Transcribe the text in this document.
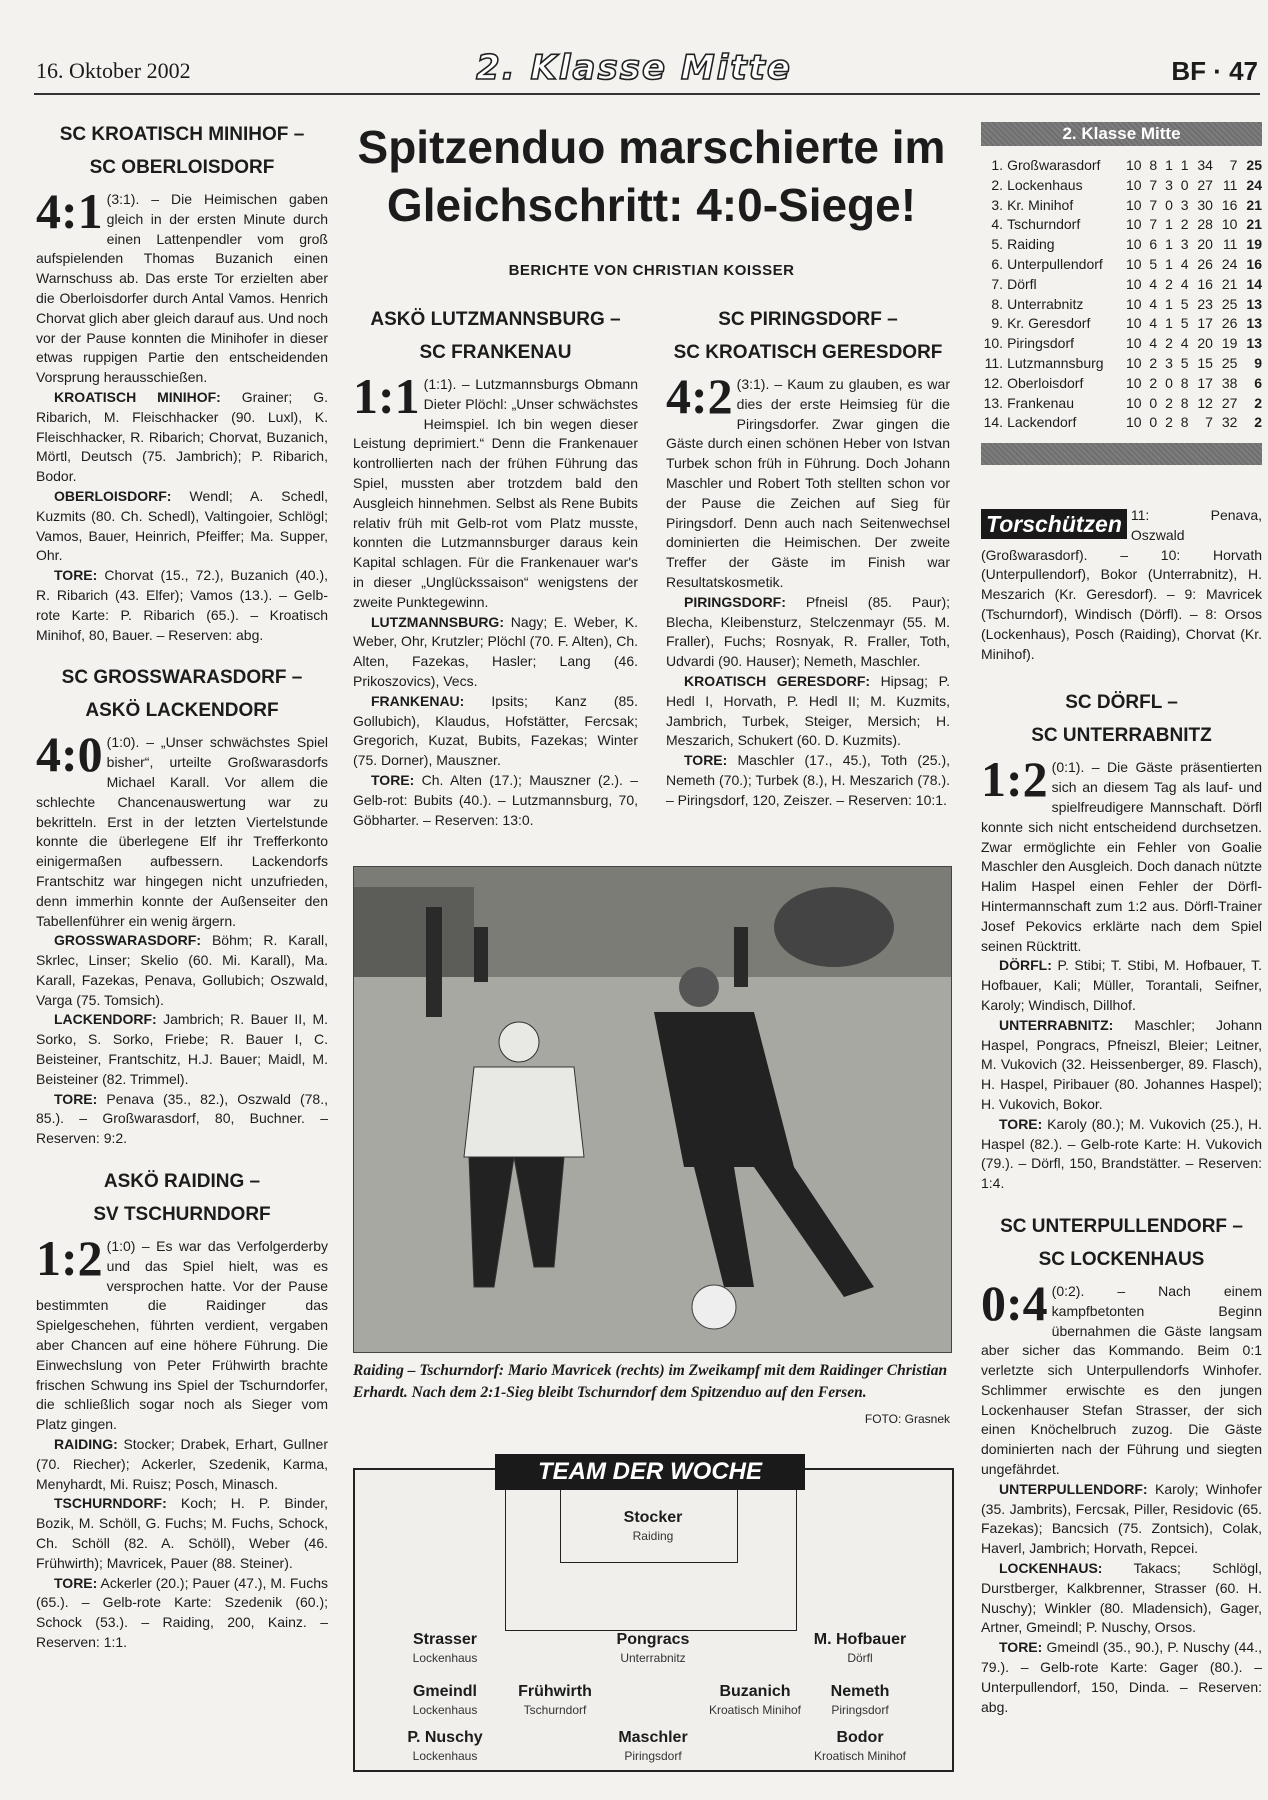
16. Oktober 2002	2. Klasse Mitte	BF · 47
Spitzenduo marschierte im
Gleichschritt: 4:0-Siege!
BERICHTE VON CHRISTIAN KOISSER
SC KROATISCH MINIHOF –
SC OBERLOISDORF

4:1 (3:1). – Die Heimischen gaben gleich in der ersten Minute durch einen Lattenpendler vom groß aufspielenden Thomas Buzanich einen Warnschuss ab. Das erste Tor erzielten aber die Oberloisdorfer durch Antal Vamos. Henrich Chorvat glich aber gleich darauf aus. Und noch vor der Pause konnten die Minihofer in dieser etwas ruppigen Partie den entscheidenden Vorsprung herausschießen.

KROATISCH MINIHOF: Grainer; G. Ribarich, M. Fleischhacker (90. Luxl), K. Fleischhacker, R. Ribarich; Chorvat, Buzanich, Mörtl, Deutsch (75. Jambrich); P. Ribarich, Bodor.

OBERLOISDORF: Wendl; A. Schedl, Kuzmits (80. Ch. Schedl), Valtingoier, Schlögl; Vamos, Bauer, Heinrich, Pfeiffer; Ma. Supper, Ohr.

TORE: Chorvat (15., 72.), Buzanich (40.), R. Ribarich (43. Elfer); Vamos (13.). – Gelb-rote Karte: P. Ribarich (65.). – Kroatisch Minihof, 80, Bauer. – Reserven: abg.

SC GROSSWARASDORF –
ASKÖ LACKENDORF

4:0 (1:0). – „Unser schwächstes Spiel bisher“, urteilte Großwarasdorfs Michael Karall. Vor allem die schlechte Chancenauswertung war zu bekritteln. Erst in der letzten Viertelstunde konnte die überlegene Elf ihr Trefferkonto einigermaßen aufbessern. Lackendorfs Frantschitz war hingegen nicht unzufrieden, denn immerhin konnte der Außenseiter den Tabellenführer ein wenig ärgern.

GROSSWARASDORF: Böhm; R. Karall, Skrlec, Linser; Skelio (60. Mi. Karall), Ma. Karall, Fazekas, Penava, Gollubich; Oszwald, Varga (75. Tomsich).

LACKENDORF: Jambrich; R. Bauer II, M. Sorko, S. Sorko, Friebe; R. Bauer I, C. Beisteiner, Frantschitz, H.J. Bauer; Maidl, M. Beisteiner (82. Trimmel).

TORE: Penava (35., 82.), Oszwald (78., 85.). – Großwarasdorf, 80, Buchner. – Reserven: 9:2.

ASKÖ RAIDING –
SV TSCHURNDORF

1:2 (1:0) – Es war das Verfolgerderby und das Spiel hielt, was es versprochen hatte. Vor der Pause bestimmten die Raidinger das Spielgeschehen, führten verdient, vergaben aber Chancen auf eine höhere Führung. Die Einwechslung von Peter Frühwirth brachte frischen Schwung ins Spiel der Tschurndorfer, die schließlich sogar noch als Sieger vom Platz gingen.

RAIDING: Stocker; Drabek, Erhart, Gullner (70. Riecher); Ackerler, Szedenik, Karma, Menyhardt, Mi. Ruisz; Posch, Minasch.

TSCHURNDORF: Koch; H. P. Binder, Bozik, M. Schöll, G. Fuchs; M. Fuchs, Schock, Ch. Schöll (82. A. Schöll), Weber (46. Frühwirth); Mavricek, Pauer (88. Steiner).

TORE: Ackerler (20.); Pauer (47.), M. Fuchs (65.). – Gelb-rote Karte: Szedenik (60.); Schock (53.). – Raiding, 200, Kainz. – Reserven: 1:1.

ASKÖ LUTZMANNSBURG –
SC FRANKENAU

1:1 (1:1). – Lutzmannsburgs Obmann Dieter Plöchl: „Unser schwächstes Heimspiel. Ich bin wegen dieser Leistung deprimiert.“ Denn die Frankenauer kontrollierten nach der frühen Führung das Spiel, mussten aber trotzdem bald den Ausgleich hinnehmen. Selbst als Rene Bubits relativ früh mit Gelb-rot vom Platz musste, konnten die Lutzmannsburger daraus kein Kapital schlagen. Für die Frankenauer war's in dieser „Unglückssaison“ wenigstens der zweite Punktegewinn.

LUTZMANNSBURG: Nagy; E. Weber, K. Weber, Ohr, Krutzler; Plöchl (70. F. Alten), Ch. Alten, Fazekas, Hasler; Lang (46. Prikoszovics), Vecs.

FRANKENAU: Ipsits; Kanz (85. Gollubich), Klaudus, Hofstätter, Fercsak; Gregorich, Kuzat, Bubits, Fazekas; Winter (75. Dorner), Mauszner.

TORE: Ch. Alten (17.); Mauszner (2.). – Gelb-rot: Bubits (40.). – Lutzmannsburg, 70, Göbharter. – Reserven: 13:0.

SC PIRINGSDORF –
SC KROATISCH GERESDORF

4:2 (3:1). – Kaum zu glauben, es war dies der erste Heimsieg für die Piringsdorfer. Zwar gingen die Gäste durch einen schönen Heber von Istvan Turbek schon früh in Führung. Doch Johann Maschler und Robert Toth stellten schon vor der Pause die Zeichen auf Sieg für Piringsdorf. Denn auch nach Seitenwechsel dominierten die Heimischen. Der zweite Treffer der Gäste im Finish war Resultatskosmetik.

PIRINGSDORF: Pfneisl (85. Paur); Blecha, Kleibensturz, Stelczenmayr (55. M. Fraller), Fuchs; Rosnyak, R. Fraller, Toth, Udvardi (90. Hauser); Nemeth, Maschler.

KROATISCH GERESDORF: Hipsag; P. Hedl I, Horvath, P. Hedl II; M. Kuzmits, Jambrich, Turbek, Steiger, Mersich; H. Meszarich, Schukert (60. D. Kuzmits).

TORE: Maschler (17., 45.), Toth (25.), Nemeth (70.); Turbek (8.), H. Meszarich (78.). – Piringsdorf, 120, Zeiszer. – Reserven: 10:1.

Raiding – Tschurndorf: Mario Mavricek (rechts) im Zweikampf mit dem Raidinger Christian Erhardt. Nach dem 2:1-Sieg bleibt Tschurndorf dem Spitzenduo auf den Fersen.
FOTO: Grasnek
TEAM DER WOCHE
Stocker
Raiding
Strasser
Lockenhaus
Pongracs
Unterrabnitz
M. Hofbauer
Dörfl
Gmeindl
Lockenhaus
Frühwirth
Tschurndorf
Buzanich
Kroatisch Minihof
Nemeth
Piringsdorf
P. Nuschy
Lockenhaus
Maschler
Piringsdorf
Bodor
Kroatisch Minihof
2. Klasse Mitte
1.	Großwarasdorf	10	8	1	1	34	7	25
2.	Lockenhaus	10	7	3	0	27	11	24
3.	Kr. Minihof	10	7	0	3	30	16	21
4.	Tschurndorf	10	7	1	2	28	10	21
5.	Raiding	10	6	1	3	20	11	19
6.	Unterpullendorf	10	5	1	4	26	24	16
7.	Dörfl	10	4	2	4	16	21	14
8.	Unterrabnitz	10	4	1	5	23	25	13
9.	Kr. Geresdorf	10	4	1	5	17	26	13
10.	Piringsdorf	10	4	2	4	20	19	13
11.	Lutzmannsburg	10	2	3	5	15	25	9
12.	Oberloisdorf	10	2	0	8	17	38	6
13.	Frankenau	10	0	2	8	12	27	2
14.	Lackendorf	10	0	2	8	7	32	2
Torschützen 11: Penava, Oszwald (Großwarasdorf). – 10: Horvath (Unterpullendorf), Bokor (Unterrabnitz), H. Meszarich (Kr. Geresdorf). – 9: Mavricek (Tschurndorf), Windisch (Dörfl). – 8: Orsos (Lockenhaus), Posch (Raiding), Chorvat (Kr. Minihof).
SC DÖRFL –
SC UNTERRABNITZ

1:2 (0:1). – Die Gäste präsentierten sich an diesem Tag als lauf- und spielfreudigere Mannschaft. Dörfl konnte sich nicht entscheidend durchsetzen. Zwar ermöglichte ein Fehler von Goalie Maschler den Ausgleich. Doch danach nützte Halim Haspel einen Fehler der Dörfl-Hintermannschaft zum 1:2 aus. Dörfl-Trainer Josef Pekovics erklärte nach dem Spiel seinen Rücktritt.

DÖRFL: P. Stibi; T. Stibi, M. Hofbauer, T. Hofbauer, Kali; Müller, Torantali, Seifner, Karoly; Windisch, Dillhof.

UNTERRABNITZ: Maschler; Johann Haspel, Pongracs, Pfneiszl, Bleier; Leitner, M. Vukovich (32. Heissenberger, 89. Flasch), H. Haspel, Piribauer (80. Johannes Haspel); H. Vukovich, Bokor.

TORE: Karoly (80.); M. Vukovich (25.), H. Haspel (82.). – Gelb-rote Karte: H. Vukovich (79.). – Dörfl, 150, Brandstätter. – Reserven: 1:4.

SC UNTERPULLENDORF –
SC LOCKENHAUS

0:4 (0:2). – Nach einem kampfbetonten Beginn übernahmen die Gäste langsam aber sicher das Kommando. Beim 0:1 verletzte sich Unterpullendorfs Winhofer. Schlimmer erwischte es den jungen Lockenhauser Stefan Strasser, der sich einen Knöchelbruch zuzog. Die Gäste dominierten nach der Führung und siegten ungefährdet.

UNTERPULLENDORF: Karoly; Winhofer (35. Jambrits), Fercsak, Piller, Residovic (65. Fazekas); Bancsich (75. Zontsich), Colak, Haverl, Jambrich; Horvath, Repcei.

LOCKENHAUS: Takacs; Schlögl, Durstberger, Kalkbrenner, Strasser (60. H. Nuschy); Winkler (80. Mladensich), Gager, Artner, Gmeindl; P. Nuschy, Orsos.

TORE: Gmeindl (35., 90.), P. Nuschy (44., 79.). – Gelb-rote Karte: Gager (80.). – Unterpullendorf, 150, Dinda. – Reserven: abg.
